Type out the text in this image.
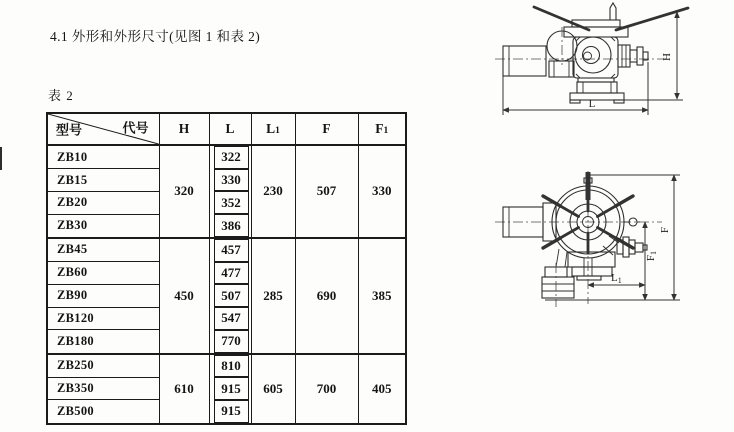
4.1 外形和外形尺寸(见图 1 和表 2)
表 2
型号 代号	H	L	L1	F	F1
ZB10	320	322	230	507	330
ZB15		330			

ZB20		352			

ZB30		386			

ZB45	450	457	285	690	385
ZB60		477			

ZB90		507			

ZB120		547			

ZB180		770			

ZB250	610	810	605	700	405
ZB350		915			

ZB500		915			
H
L
F
F1
L1
